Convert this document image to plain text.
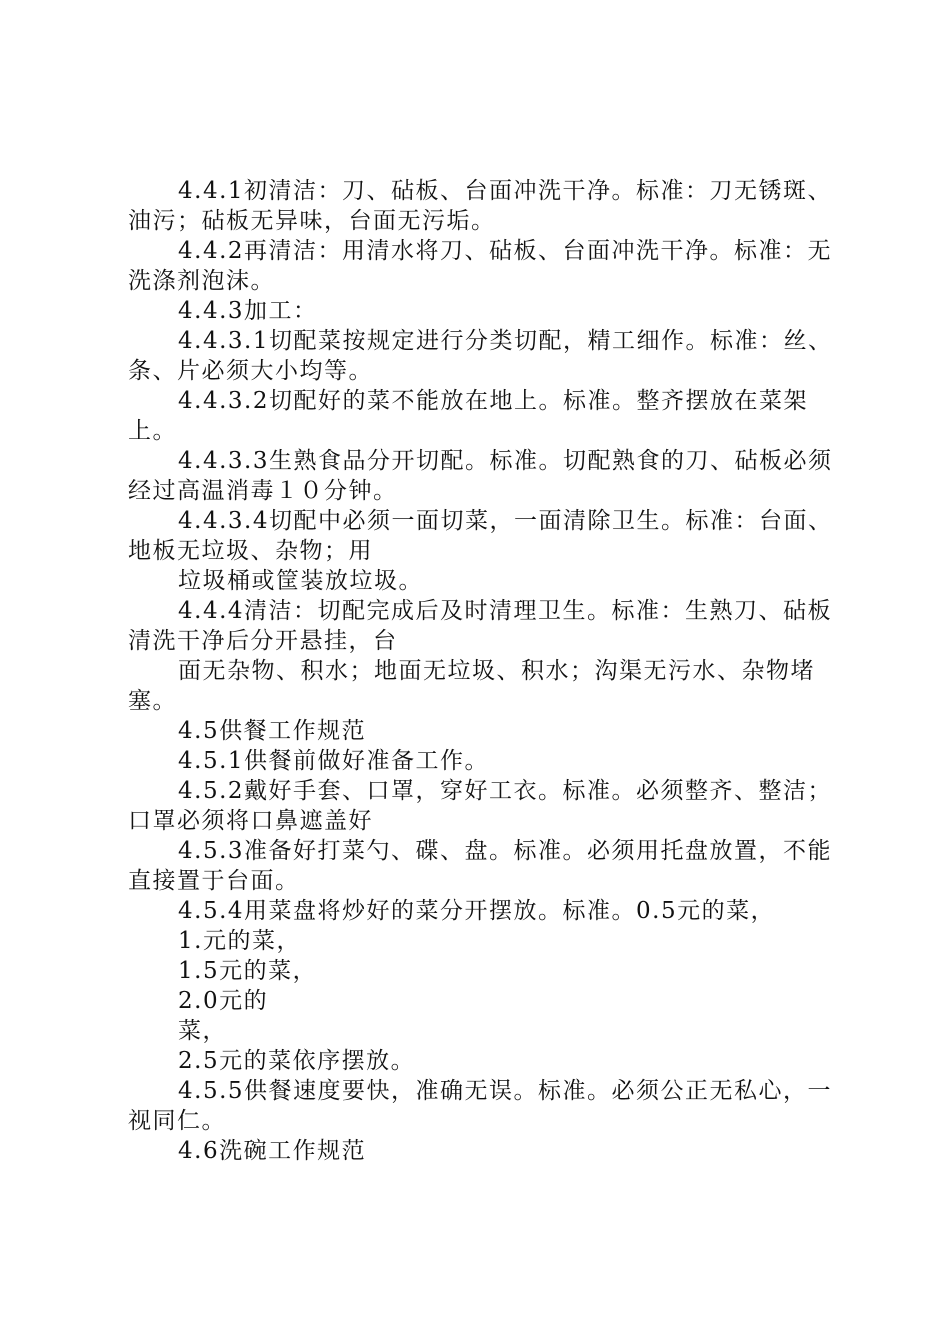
4.4.1初清洁：刀、砧板、台面冲洗干净。标准：刀无锈斑、油污；砧板无异味，台面无污垢。

4.4.2再清洁：用清水将刀、砧板、台面冲洗干净。标准：无洗涤剂泡沫。

4.4.3加工：

4.4.3.1切配菜按规定进行分类切配，精工细作。标准：丝、条、片必须大小均等。

4.4.3.2切配好的菜不能放在地上。标准。整齐摆放在菜架上。

4.4.3.3生熟食品分开切配。标准。切配熟食的刀、砧板必须经过高温消毒１０分钟。

4.4.3.4切配中必须一面切菜，一面清除卫生。标准：台面、地板无垃圾、杂物；用

垃圾桶或筐装放垃圾。

4.4.4清洁：切配完成后及时清理卫生。标准：生熟刀、砧板清洗干净后分开悬挂，台

面无杂物、积水；地面无垃圾、积水；沟渠无污水、杂物堵塞。

4.5供餐工作规范

4.5.1供餐前做好准备工作。

4.5.2戴好手套、口罩，穿好工衣。标准。必须整齐、整洁；口罩必须将口鼻遮盖好

4.5.3准备好打菜勺、碟、盘。标准。必须用托盘放置，不能直接置于台面。

4.5.4用菜盘将炒好的菜分开摆放。标准。0.5元的菜，

1.元的菜，

1.5元的菜，

2.0元的

菜，

2.5元的菜依序摆放。

4.5.5供餐速度要快，准确无误。标准。必须公正无私心，一视同仁。

4.6洗碗工作规范
